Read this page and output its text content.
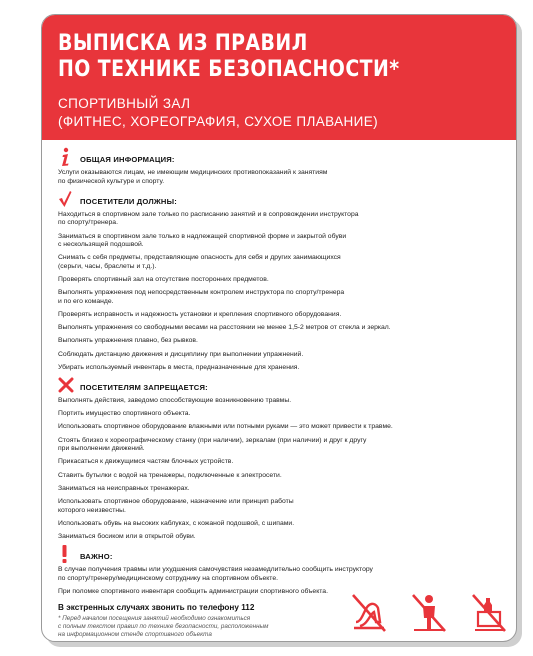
ВЫПИСКА ИЗ ПРАВИЛ
ПО ТЕХНИКЕ БЕЗОПАСНОСТИ*
СПОРТИВНЫЙ ЗАЛ
(ФИТНЕС, ХОРЕОГРАФИЯ, СУХОЕ ПЛАВАНИЕ)
ОБЩАЯ ИНФОРМАЦИЯ:

Услуги оказываются лицам, не имеющим медицинских противопоказаний к занятиям
по физической культуре и спорту.

ПОСЕТИТЕЛИ ДОЛЖНЫ:

Находиться в спортивном зале только по расписанию занятий и в сопровождении инструктора
по спорту/тренера.

Заниматься в спортивном зале только в надлежащей спортивной форме и закрытой обуви
с нескользящей подошвой.

Снимать с себя предметы, представляющие опасность для себя и других занимающихся
(серьги, часы, браслеты и т.д.).

Проверять спортивный зал на отсутствие посторонних предметов.

Выполнять упражнения под непосредственным контролем инструктора по спорту/тренера
и по его команде.

Проверять исправность и надежность установки и крепления спортивного оборудования.

Выполнять упражнения со свободными весами на расстоянии не менее 1,5-2 метров от стекла и зеркал.

Выполнять упражнения плавно, без рывков.

Соблюдать дистанцию движения и дисциплину при выполнении упражнений.

Убирать используемый инвентарь в места, предназначенные для хранения.

ПОСЕТИТЕЛЯМ ЗАПРЕЩАЕТСЯ:

Выполнять действия, заведомо способствующие возникновению травмы.

Портить имущество спортивного объекта.

Использовать спортивное оборудование влажными или потными руками — это может привести к травме.

Стоять близко к хореографическому станку (при наличии), зеркалам (при наличии) и друг к другу
при выполнении движений.

Прикасаться к движущимся частям блочных устройств.

Ставить бутылки с водой на тренажеры, подключенные к электросети.

Заниматься на неисправных тренажерах.

Использовать спортивное оборудование, назначение или принцип работы
которого неизвестны.

Использовать обувь на высоких каблуках, с кожаной подошвой, с шипами.

Заниматься босиком или в открытой обуви.

ВАЖНО:

В случае получения травмы или ухудшения самочувствия незамедлительно сообщить инструктору
по спорту/тренеру/медицинскому сотруднику на спортивном объекте.

При поломке спортивного инвентаря сообщить администрации спортивного объекта.

В экстренных случаях звонить по телефону 112
* Перед началом посещения занятий необходимо ознакомиться
с полным текстом правил по технике безопасности, расположенным
на информационном стенде спортивного объекта
